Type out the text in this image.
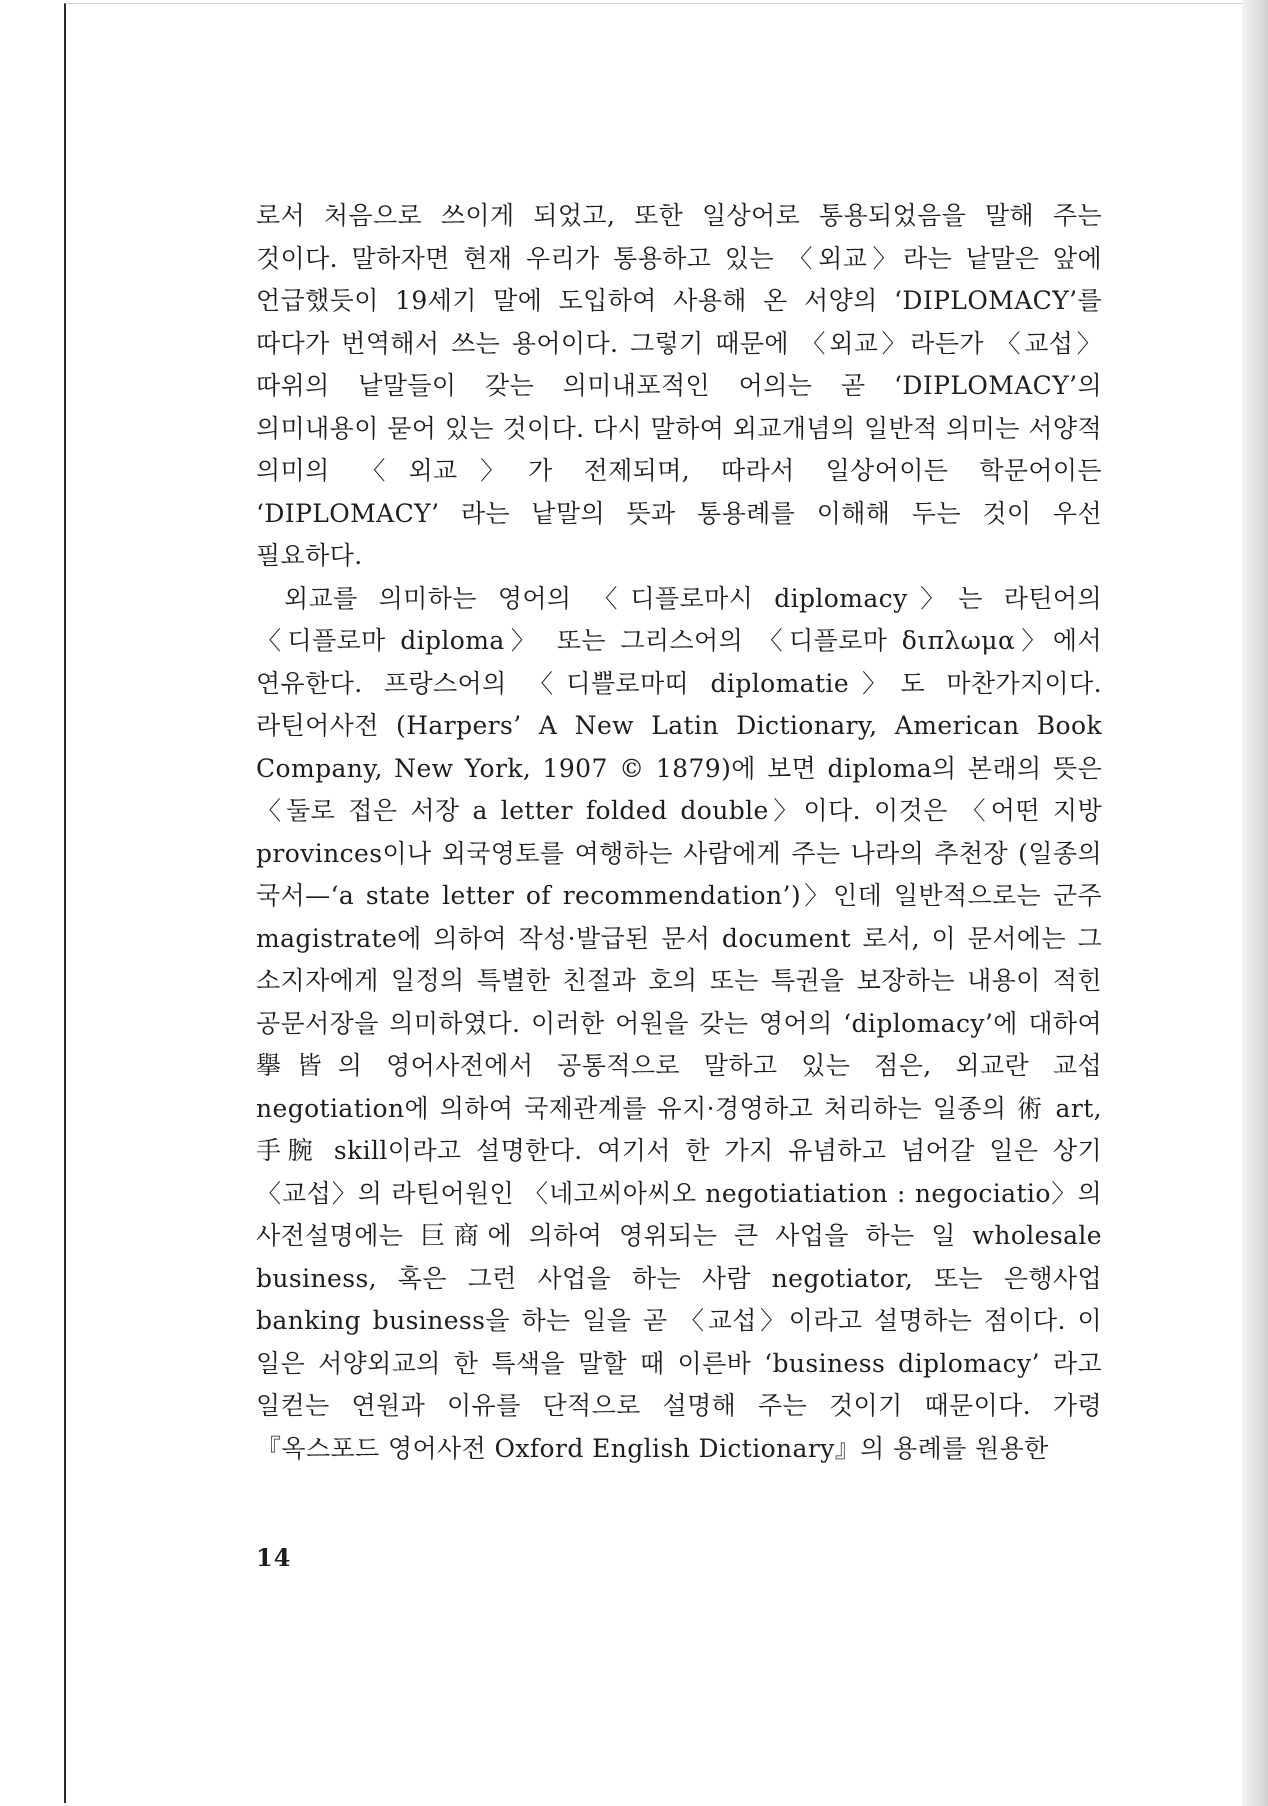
로서 처음으로 쓰이게 되었고, 또한 일상어로 통용되었음을 말해 주는 것이다. 말하자면 현재 우리가 통용하고 있는 〈외교〉라는 낱말은 앞에 언급했듯이 19세기 말에 도입하여 사용해 온 서양의 ‘DIPLOMACY’를 따다가 번역해서 쓰는 용어이다. 그렇기 때문에 〈외교〉라든가 〈교섭〉 따위의 낱말들이 갖는 의미내포적인 어의는 곧 ‘DIPLOMACY’의 의미내용이 묻어 있는 것이다. 다시 말하여 외교개념의 일반적 의미는 서양적 의미의 〈외교〉가 전제되며, 따라서 일상어이든 학문어이든 ‘DIPLOMACY’ 라는 낱말의 뜻과 통용례를 이해해 두는 것이 우선 필요하다.

외교를 의미하는 영어의 〈디플로마시 diplomacy〉는 라틴어의 〈디플로마 diploma〉 또는 그리스어의 〈디플로마 διπλωμα〉에서 연유한다. 프랑스어의 〈디쁠로마띠 diplomatie〉도 마찬가지이다. 라틴어사전 (Harpers’ A New Latin Dictionary, American Book Company, New York, 1907 © 1879)에 보면 diploma의 본래의 뜻은 〈둘로 접은 서장 a letter folded double〉이다. 이것은 〈어떤 지방 provinces이나 외국영토를 여행하는 사람에게 주는 나라의 추천장 (일종의 국서—‘a state letter of recommendation’)〉인데 일반적으로는 군주 magistrate에 의하여 작성·발급된 문서 document 로서, 이 문서에는 그 소지자에게 일정의 특별한 친절과 호의 또는 특권을 보장하는 내용이 적힌 공문서장을 의미하였다. 이러한 어원을 갖는 영어의 ‘diplomacy’에 대하여 擧皆의 영어사전에서 공통적으로 말하고 있는 점은, 외교란 교섭 negotiation에 의하여 국제관계를 유지·경영하고 처리하는 일종의 術 art, 手腕 skill이라고 설명한다. 여기서 한 가지 유념하고 넘어갈 일은 상기 〈교섭〉의 라틴어원인 〈네고씨아씨오 negotiatiation : negociatio〉의 사전설명에는 巨商에 의하여 영위되는 큰 사업을 하는 일 wholesale business, 혹은 그런 사업을 하는 사람 negotiator, 또는 은행사업 banking business을 하는 일을 곧 〈교섭〉이라고 설명하는 점이다. 이 일은 서양외교의 한 특색을 말할 때 이른바 ‘business diplomacy’ 라고 일컫는 연원과 이유를 단적으로 설명해 주는 것이기 때문이다. 가령 『옥스포드 영어사전 Oxford English Dictionary』의 용례를 원용한

14
